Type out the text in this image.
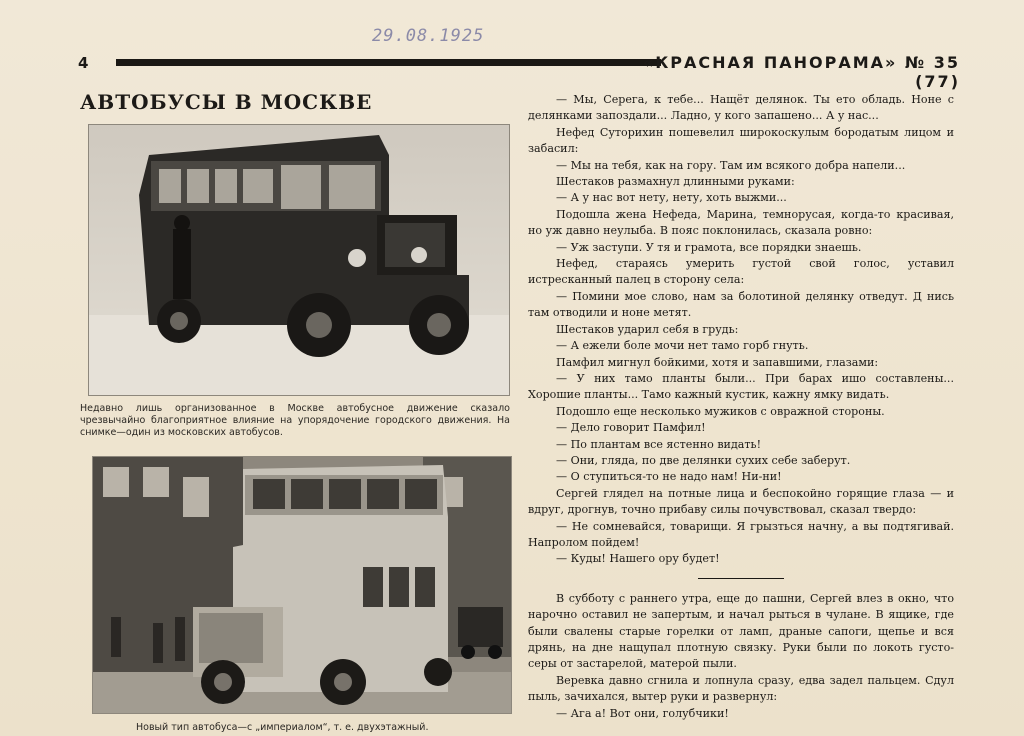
29.08.1925
4	«КРАСНАЯ ПАНОРАМА» № 35 (77)
АВТОБУСЫ В МОСКВЕ
Недавно лишь организованное в Москве автобусное движение сказало чрезвычайно благоприятное влияние на упорядочение городского движения. На снимке—один из московских автобусов.
Новый тип автобуса—с „империалом“, т. е. двухэтажный.

— Мы, Серега, к тебе... Нащёт делянок. Ты ето обладь. Ноне с делянками запоздали... Ладно, у кого запашено... А у нас...

Нефед Суторихин пошевелил широкоскулым бородатым лицом и забасил:

— Мы на тебя, как на гору. Там им всякого добра напели...

Шестаков размахнул длинными руками:

— А у нас вот нету, нету, хоть выжми...

Подошла жена Нефеда, Марина, темнорусая, когда-то красивая, но уж давно неулыба. В пояс поклонилась, сказала ровно:

— Уж заступи. У тя и грамота, все порядки знаешь.

Нефед, стараясь умерить густой свой голос, уставил истресканный палец в сторону села:

— Помини мое слово, нам за болотиной делянку отведут. Д нись там отводили и ноне метят.

Шестаков ударил себя в грудь:

— А ежели боле мочи нет тамо горб гнуть.

Памфил мигнул бойкими, хотя и запавшими, глазами:

— У них тамо планты были... При барах ишо составлены... Хорошие планты... Тамо кажный кустик, кажну ямку видать.

Подошло еще несколько мужиков с овражной стороны.

— Дело говорит Памфил!

— По плантам все ястенно видать!

— Они, гляда, по две делянки сухих себе заберут.

— О ступиться-то не надо нам! Ни-ни!

Сергей глядел на потные лица и беспокойно горящие глаза — и вдруг, дрогнув, точно прибаву силы почувствовал, сказал твердо:

— Не сомневайся, товарищи. Я грызться начну, а вы подтягивай. Напролом пойдем!

— Куды! Нашего ору будет!

В субботу с раннего утра, еще до пашни, Сергей влез в окно, что нарочно оставил не запертым, и начал рыться в чулане. В ящике, где были свалены старые горелки от ламп, драные сапоги, щепье и вся дрянь, на дне нащупал плотную связку. Руки были по локоть густо-серы от застарелой, матерой пыли.

Веревка давно сгнила и лопнула сразу, едва задел пальцем. Сдул пыль, зачихался, вытер руки и развернул:

— Ага а! Вот они, голубчики!
